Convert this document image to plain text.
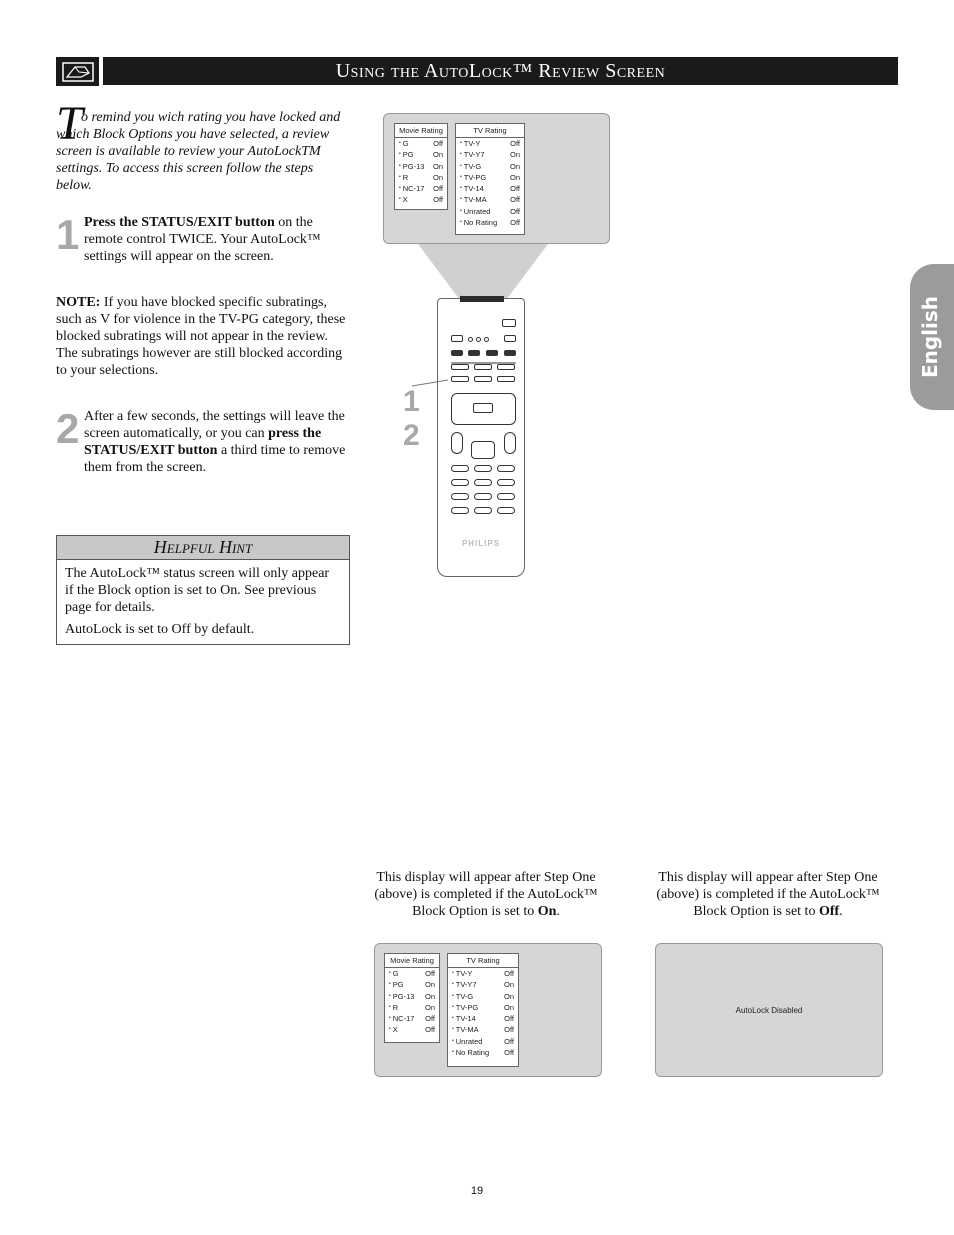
Using the AutoLock™ Review Screen
English
T
o remind you wich rating you have locked and which Block Options you have selected, a review screen is available to review your AutoLockTM settings. To access this screen follow the steps below.
1 Press the STATUS/EXIT button on the remote control TWICE. Your AutoLock™ settings will appear on the screen.
NOTE: If you have blocked specific subratings, such as V for violence in the TV-PG category, these blocked subratings will not appear in the review. The subratings however are still blocked according to your selections.
2 After a few seconds, the settings will leave the screen automatically, or you can press the STATUS/EXIT button a third time to remove them from the screen.
Helpful Hint

The AutoLock™ status screen will only appear if the Block option is set to On. See previous page for details.

AutoLock is set to Off by default.

Movie Rating
• G	Off
• PG	On
• PG-13 On
• R	On
• NC-17 Off
• X	Off
TV Rating
• TV-Y	Off
• TV-Y7	On
• TV-G	On
• TV-PG	On
• TV-14	Off
• TV-MA	Off
• Unrated	Off
• No Rating Off
PHILIPS
1
2
This display will appear after Step One (above) is completed if the AutoLock™ Block Option is set to On.
This display will appear after Step One (above) is completed if the AutoLock™ Block Option is set to Off.
Movie Rating
• G	Off
• PG	On
• PG-13 On
• R	On
• NC-17 Off
• X	Off
TV Rating
• TV-Y	Off
• TV-Y7	On
• TV-G	On
• TV-PG	On
• TV-14	Off
• TV-MA	Off
• Unrated	Off
• No Rating Off
AutoLock Disabled
19
